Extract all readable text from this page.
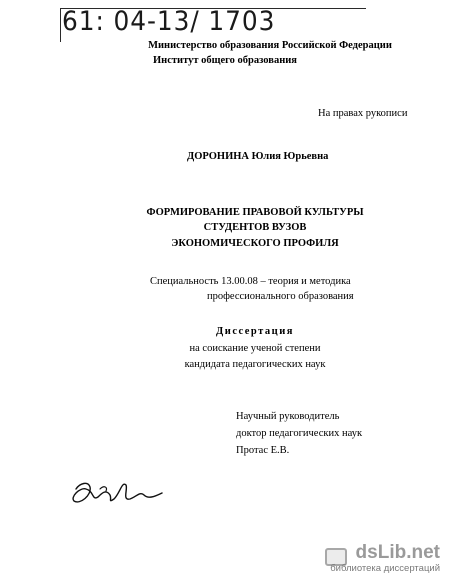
61: 04-13/ 1703
Министерство образования Российской Федерации
Институт общего образования
На правах рукописи
ДОРОНИНА Юлия Юрьевна
ФОРМИРОВАНИЕ ПРАВОВОЙ КУЛЬТУРЫ
СТУДЕНТОВ ВУЗОВ
ЭКОНОМИЧЕСКОГО ПРОФИЛЯ
Специальность 13.00.08 – теория и методика
профессионального образования
Диссертация
на соискание ученой степени
кандидата педагогических наук
Научный руководитель
доктор педагогических наук
Протас Е.В.
dsLib.net
библиотека диссертаций
